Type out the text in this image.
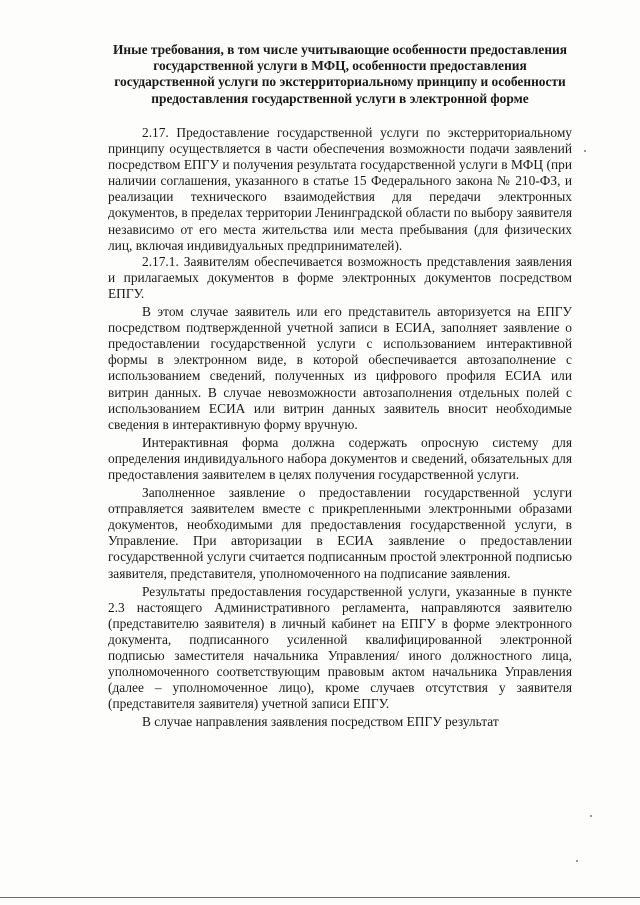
Иные требования, в том числе учитывающие особенности предоставления государственной услуги в МФЦ, особенности предоставления государственной услуги по экстерриториальному принципу и особенности предоставления государственной услуги в электронной форме

2.17. Предоставление государственной услуги по экстерриториальному принципу осуществляется в части обеспечения возможности подачи заявлений посредством ЕПГУ и получения результата государственной услуги в МФЦ (при наличии соглашения, указанного в статье 15 Федерального закона № 210-ФЗ, и реализации технического взаимодействия для передачи электронных документов, в пределах территории Ленинградской области по выбору заявителя независимо от его места жительства или места пребывания (для физических лиц, включая индивидуальных предпринимателей).

2.17.1. Заявителям обеспечивается возможность представления заявления и прилагаемых документов в форме электронных документов посредством ЕПГУ.

В этом случае заявитель или его представитель авторизуется на ЕПГУ посредством подтвержденной учетной записи в ЕСИА, заполняет заявление о предоставлении государственной услуги с использованием интерактивной формы в электронном виде, в которой обеспечивается автозаполнение с использованием сведений, полученных из цифрового профиля ЕСИА или витрин данных. В случае невозможности автозаполнения отдельных полей с использованием ЕСИА или витрин данных заявитель вносит необходимые сведения в интерактивную форму вручную.

Интерактивная форма должна содержать опросную систему для определения индивидуального набора документов и сведений, обязательных для предоставления заявителем в целях получения государственной услуги.

Заполненное заявление о предоставлении государственной услуги отправляется заявителем вместе с прикрепленными электронными образами документов, необходимыми для предоставления государственной услуги, в Управление. При авторизации в ЕСИА заявление о предоставлении государственной услуги считается подписанным простой электронной подписью заявителя, представителя, уполномоченного на подписание заявления.

Результаты предоставления государственной услуги, указанные в пункте 2.3 настоящего Административного регламента, направляются заявителю (представителю заявителя) в личный кабинет на ЕПГУ в форме электронного документа, подписанного усиленной квалифицированной электронной подписью заместителя начальника Управления/ иного должностного лица, уполномоченного соответствующим правовым актом начальника Управления (далее – уполномоченное лицо), кроме случаев отсутствия у заявителя (представителя заявителя) учетной записи ЕПГУ.

В случае направления заявления посредством ЕПГУ результат
